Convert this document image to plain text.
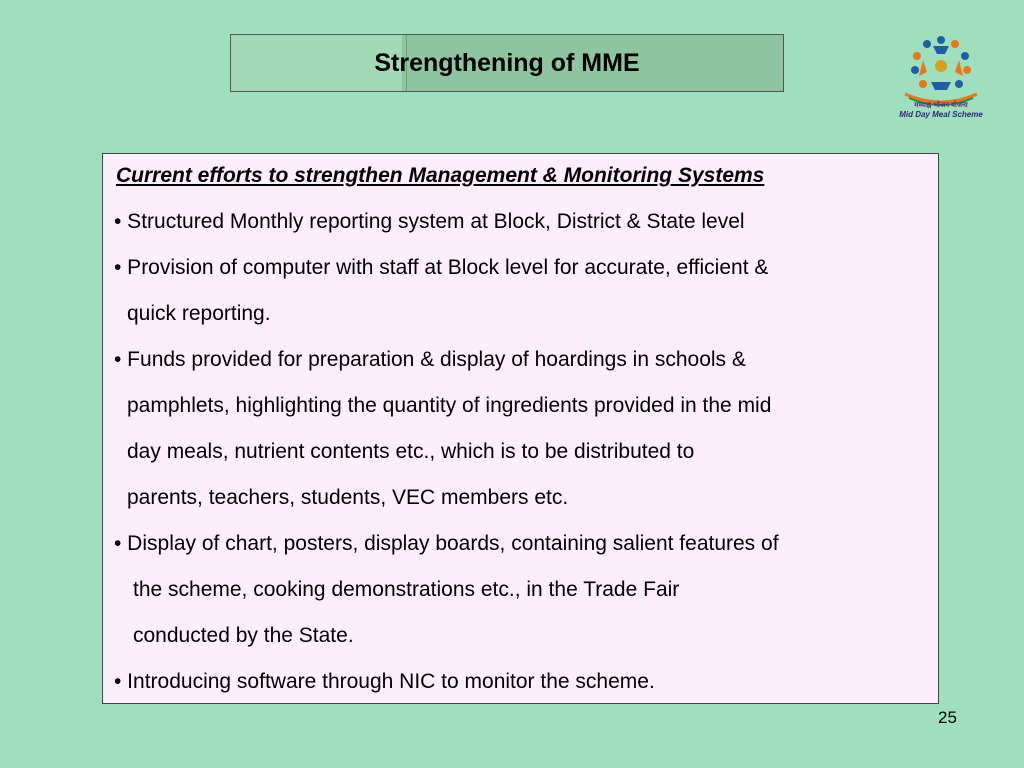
Strengthening of MME
मध्याह्न भोजन योजना
Mid Day Meal Scheme
Current efforts to strengthen Management & Monitoring Systems
• Structured Monthly reporting system at Block, District & State level
• Provision of computer with staff at Block level for accurate, efficient &
quick reporting.
• Funds provided for preparation & display of hoardings in schools &
pamphlets, highlighting the quantity of ingredients provided in the mid
day meals, nutrient contents etc., which is to be distributed to
parents, teachers, students, VEC members etc.
• Display of chart, posters, display boards, containing salient features of
the scheme, cooking demonstrations etc., in the Trade Fair
conducted by the State.
• Introducing software through NIC to monitor the scheme.
25
